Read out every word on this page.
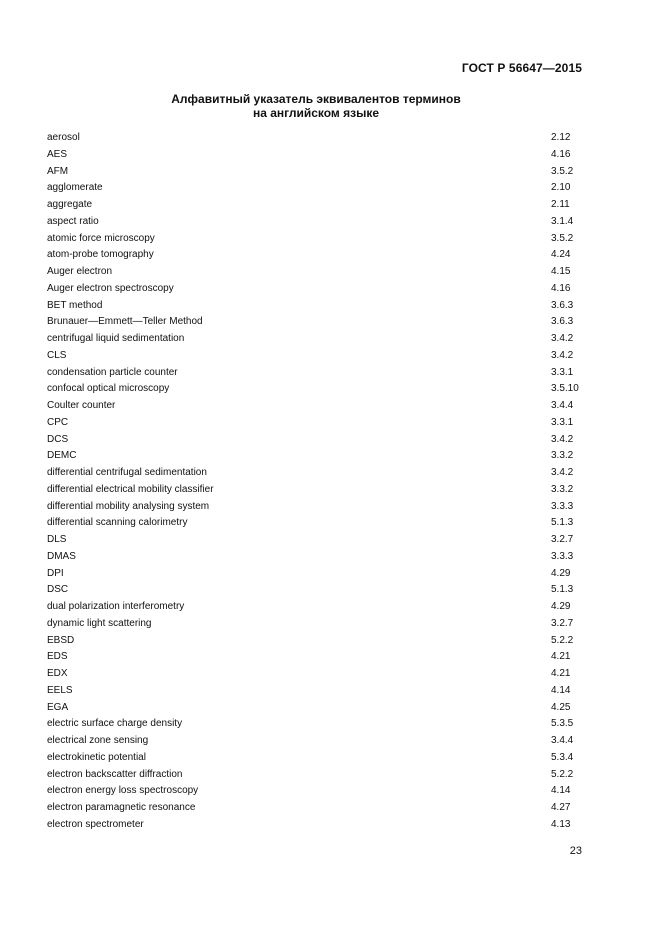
ГОСТ Р 56647—2015
Алфавитный указатель эквивалентов терминов
на английском языке
aerosol	2.12
AES	4.16
AFM	3.5.2
agglomerate	2.10
aggregate	2.11
aspect ratio	3.1.4
atomic force microscopy	3.5.2
atom-probe tomography	4.24
Auger electron	4.15
Auger electron spectroscopy	4.16
BET method	3.6.3
Brunauer—Emmett—Teller Method	3.6.3
centrifugal liquid sedimentation	3.4.2
CLS	3.4.2
condensation particle counter	3.3.1
confocal optical microscopy	3.5.10
Coulter counter	3.4.4
CPC	3.3.1
DCS	3.4.2
DEMC	3.3.2
differential centrifugal sedimentation	3.4.2
differential electrical mobility classifier	3.3.2
differential mobility analysing system	3.3.3
differential scanning calorimetry	5.1.3
DLS	3.2.7
DMAS	3.3.3
DPI	4.29
DSC	5.1.3
dual polarization interferometry	4.29
dynamic light scattering	3.2.7
EBSD	5.2.2
EDS	4.21
EDX	4.21
EELS	4.14
EGA	4.25
electric surface charge density	5.3.5
electrical zone sensing	3.4.4
electrokinetic potential	5.3.4
electron backscatter diffraction	5.2.2
electron energy loss spectroscopy	4.14
electron paramagnetic resonance	4.27
electron spectrometer	4.13
23
